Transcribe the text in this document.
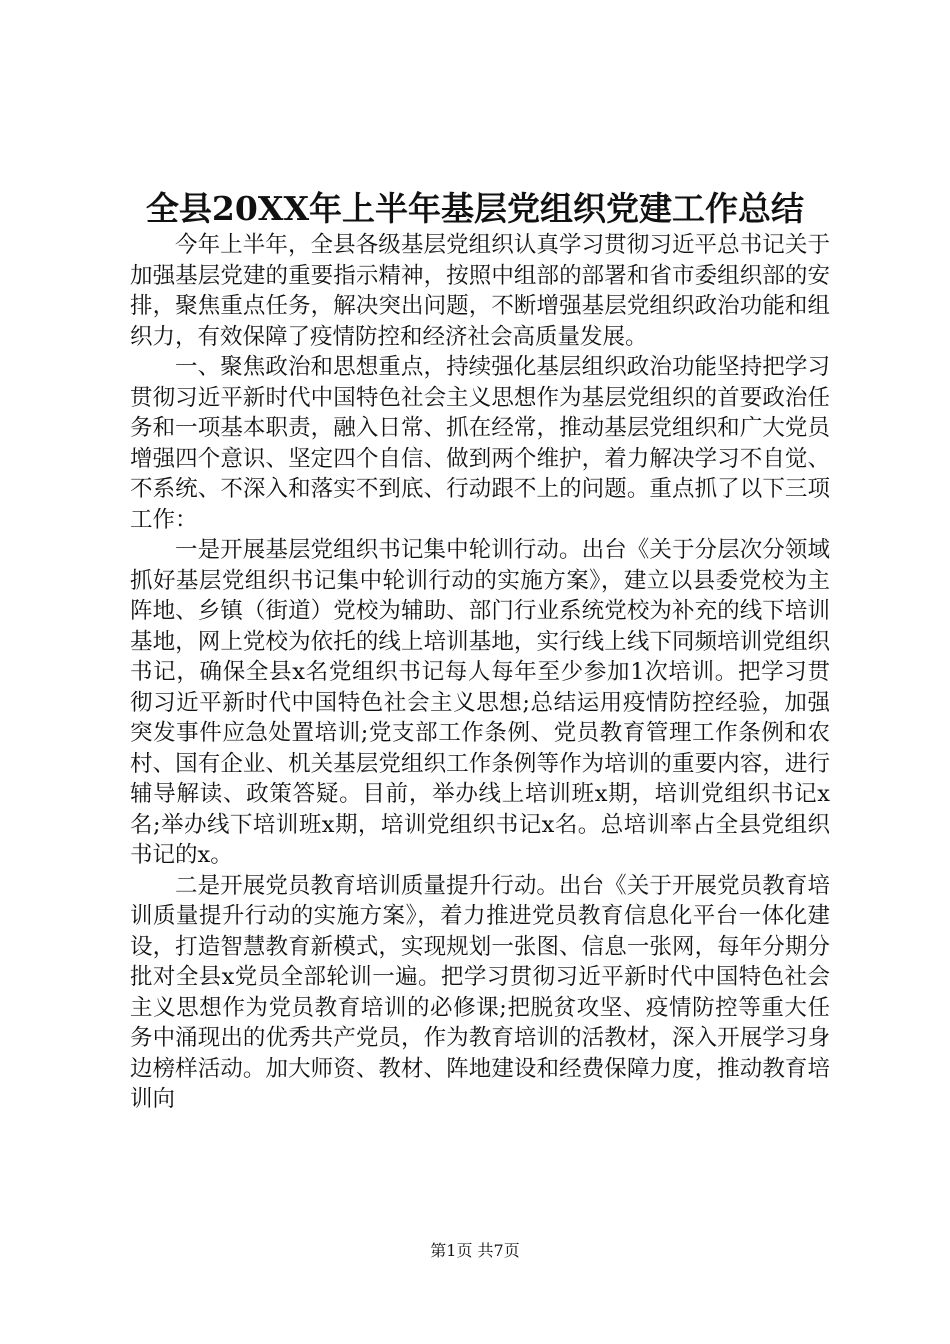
全县20XX年上半年基层党组织党建工作总结

今年上半年，全县各级基层党组织认真学习贯彻习近平总书记关于加强基层党建的重要指示精神，按照中组部的部署和省市委组织部的安排，聚焦重点任务，解决突出问题，不断增强基层党组织政治功能和组织力，有效保障了疫情防控和经济社会高质量发展。

一、聚焦政治和思想重点，持续强化基层组织政治功能坚持把学习贯彻习近平新时代中国特色社会主义思想作为基层党组织的首要政治任务和一项基本职责，融入日常、抓在经常，推动基层党组织和广大党员增强四个意识、坚定四个自信、做到两个维护，着力解决学习不自觉、不系统、不深入和落实不到底、行动跟不上的问题。重点抓了以下三项工作：

一是开展基层党组织书记集中轮训行动。出台《关于分层次分领域抓好基层党组织书记集中轮训行动的实施方案》，建立以县委党校为主阵地、乡镇（街道）党校为辅助、部门行业系统党校为补充的线下培训基地，网上党校为依托的线上培训基地，实行线上线下同频培训党组织书记，确保全县x名党组织书记每人每年至少参加1次培训。把学习贯彻习近平新时代中国特色社会主义思想;总结运用疫情防控经验，加强突发事件应急处置培训;党支部工作条例、党员教育管理工作条例和农村、国有企业、机关基层党组织工作条例等作为培训的重要内容，进行辅导解读、政策答疑。目前，举办线上培训班x期，培训党组织书记x名;举办线下培训班x期，培训党组织书记x名。总培训率占全县党组织书记的x。

二是开展党员教育培训质量提升行动。出台《关于开展党员教育培训质量提升行动的实施方案》，着力推进党员教育信息化平台一体化建设，打造智慧教育新模式，实现规划一张图、信息一张网，每年分期分批对全县x党员全部轮训一遍。把学习贯彻习近平新时代中国特色社会主义思想作为党员教育培训的必修课;把脱贫攻坚、疫情防控等重大任务中涌现出的优秀共产党员，作为教育培训的活教材，深入开展学习身边榜样活动。加大师资、教材、阵地建设和经费保障力度，推动教育培训向

第1页 共7页
